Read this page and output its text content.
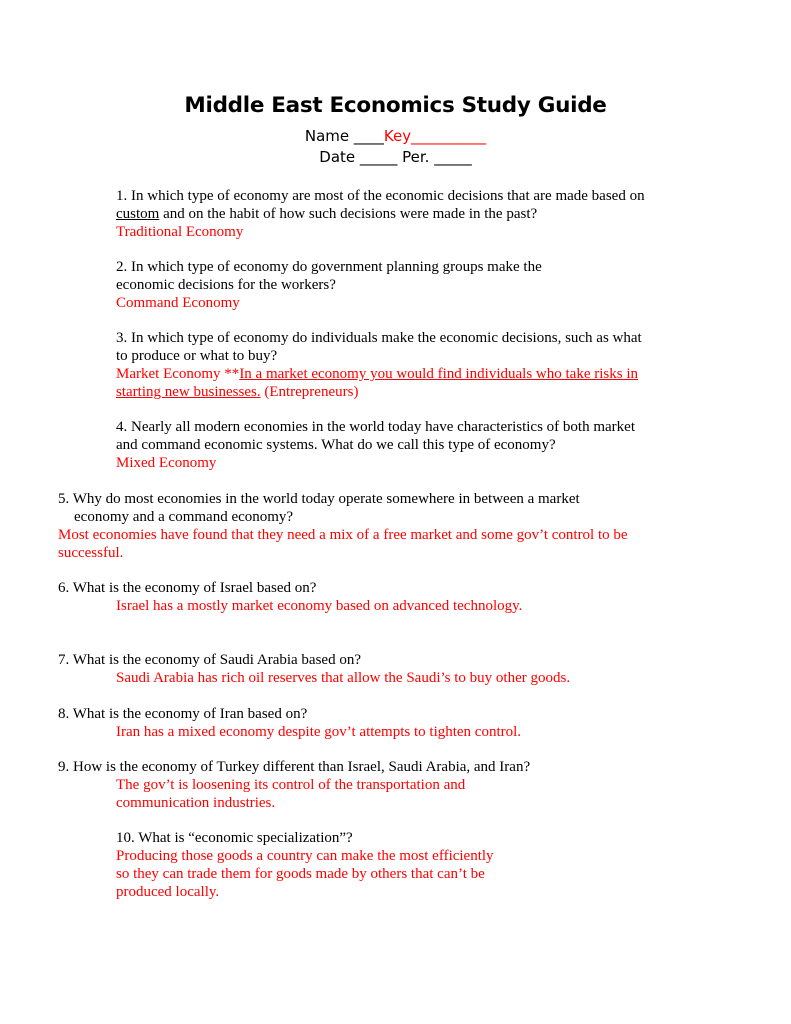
Middle East Economics Study Guide
Name ____Key__________
Date _____ Per. _____

1. In which type of economy are most of the economic decisions that are made based on

custom and on the habit of how such decisions were made in the past?

Traditional Economy

2. In which type of economy do government planning groups make the

economic decisions for the workers?

Command Economy

3. In which type of economy do individuals make the economic decisions, such as what

to produce or what to buy?

Market Economy **In a market economy you would find individuals who take risks in

starting new businesses. (Entrepreneurs)

4. Nearly all modern economies in the world today have characteristics of both market

and command economic systems. What do we call this type of economy?

Mixed Economy

5. Why do most economies in the world today operate somewhere in between a market

economy and a command economy?

Most economies have found that they need a mix of a free market and some gov’t control to be

successful.

6. What is the economy of Israel based on?

Israel has a mostly market economy based on advanced technology.

7. What is the economy of Saudi Arabia based on?

Saudi Arabia has rich oil reserves that allow the Saudi’s to buy other goods.

8. What is the economy of Iran based on?

Iran has a mixed economy despite gov’t attempts to tighten control.

9. How is the economy of Turkey different than Israel, Saudi Arabia, and Iran?

The gov’t is loosening its control of the transportation and

communication industries.

10. What is “economic specialization”?

Producing those goods a country can make the most efficiently

so they can trade them for goods made by others that can’t be

produced locally.
